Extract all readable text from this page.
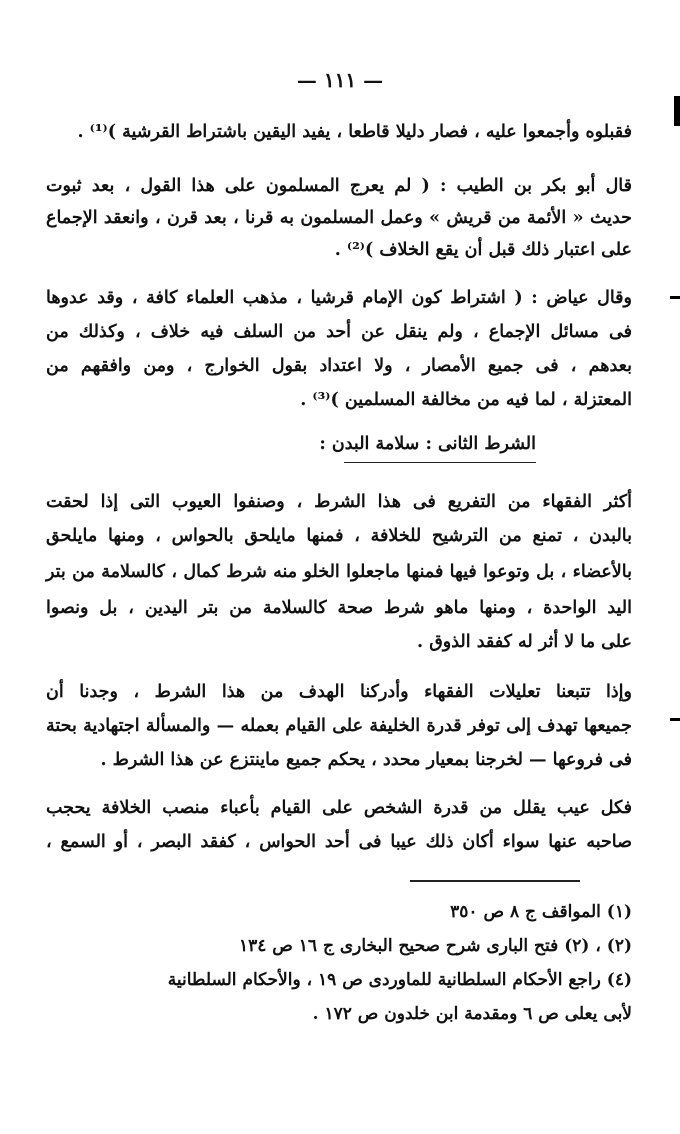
— ١١١ —
فقبلوه وأجمعوا عليه ، فصار دليلا قاطعا ، يفيد اليقين باشتراط القرشية )⁽¹⁾ .
قال أبو بكر بن الطيب : ( لم يعرج المسلمون على هذا القول ، بعد ثبوت
حديث « الأئمة من قريش » وعمل المسلمون به قرنا ، بعد قرن ، وانعقد الإجماع
على اعتبار ذلك قبل أن يقع الخلاف )⁽²⁾ .
وقال عياض : ( اشتراط كون الإمام قرشيا ، مذهب العلماء كافة ، وقد عدوها
فى مسائل الإجماع ، ولم ينقل عن أحد من السلف فيه خلاف ، وكذلك من
بعدهم ، فى جميع الأمصار ، ولا اعتداد بقول الخوارج ، ومن وافقهم من
المعتزلة ، لما فيه من مخالفة المسلمين )⁽³⁾ .
الشرط الثانى : سلامة البدن :
أكثر الفقهاء من التفريع فى هذا الشرط ، وصنفوا العيوب التى إذا لحقت
بالبدن ، تمنع من الترشيح للخلافة ، فمنها مايلحق بالحواس ، ومنها مايلحق
بالأعضاء ، بل وتوعوا فيها فمنها ماجعلوا الخلو منه شرط كمال ، كالسلامة من بتر
اليد الواحدة ، ومنها ماهو شرط صحة كالسلامة من بتر اليدين ، بل ونصوا
على ما لا أثر له كفقد الذوق .
وإذا تتبعنا تعليلات الفقهاء وأدركنا الهدف من هذا الشرط ، وجدنا أن
جميعها تهدف إلى توفر قدرة الخليفة على القيام بعمله — والمسألة اجتهادية بحتة
فى فروعها — لخرجنا بمعيار محدد ، يحكم جميع ماينتزع عن هذا الشرط .
فكل عيب يقلل من قدرة الشخص على القيام بأعباء منصب الخلافة يحجب
صاحبه عنها سواء أكان ذلك عيبا فى أحد الحواس ، كفقد البصر ، أو السمع ،
(١) المواقف ج ٨ ص ٣٥٠
(٢) ، (٢) فتح البارى شرح صحيح البخارى ج ١٦ ص ١٣٤
(٤) راجع الأحكام السلطانية للماوردى ص ١٩ ، والأحكام السلطانية
لأبى يعلى ص ٦ ومقدمة ابن خلدون ص ١٧٢ .
